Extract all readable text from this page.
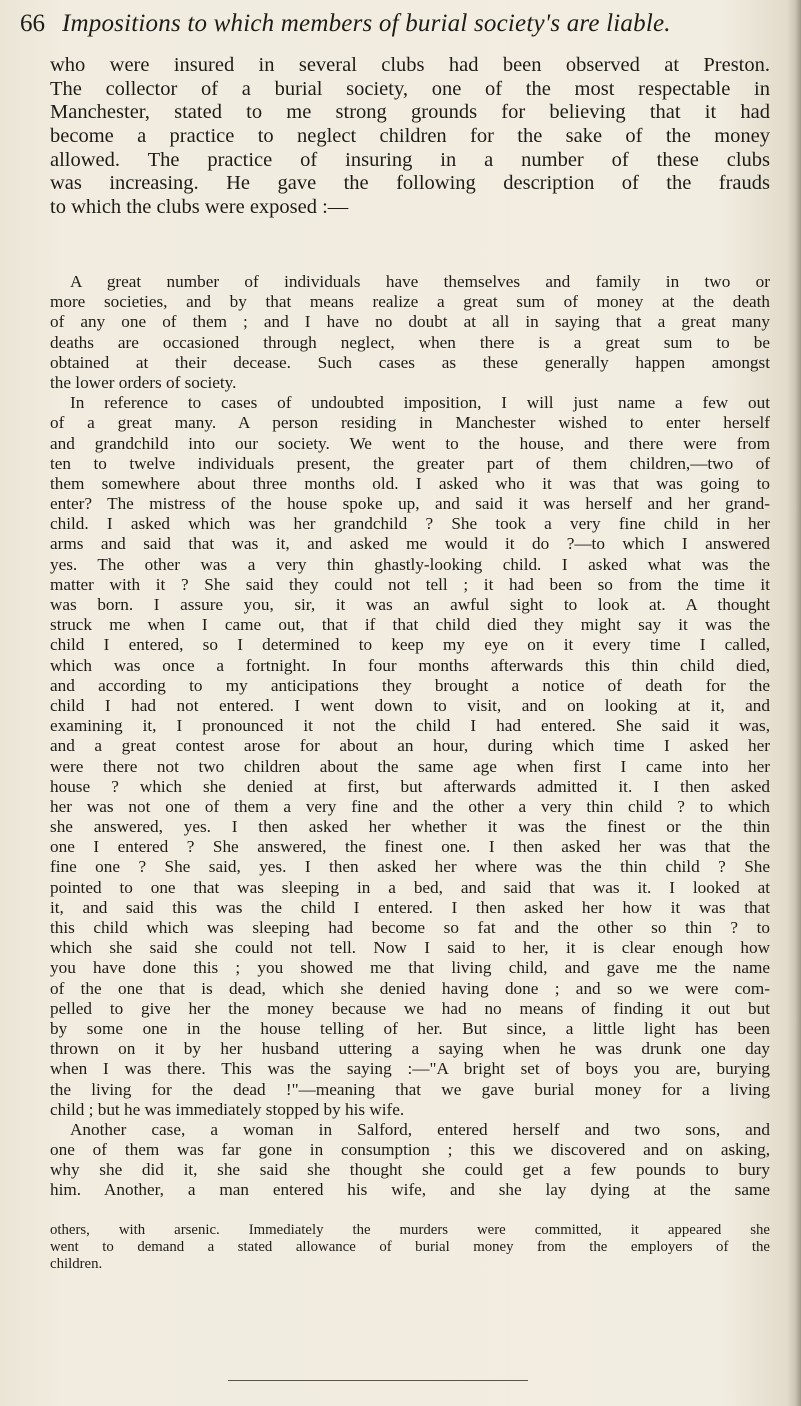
66 Impositions to which members of burial society's are liable.
who were insured in several clubs had been observed at Preston.
The collector of a burial society, one of the most respectable in
Manchester, stated to me strong grounds for believing that it had
become a practice to neglect children for the sake of the money
allowed. The practice of insuring in a number of these clubs
was increasing. He gave the following description of the frauds
to which the clubs were exposed :—
A great number of individuals have themselves and family in two or
more societies, and by that means realize a great sum of money at the death
of any one of them ; and I have no doubt at all in saying that a great many
deaths are occasioned through neglect, when there is a great sum to be
obtained at their decease. Such cases as these generally happen amongst
the lower orders of society.
In reference to cases of undoubted imposition, I will just name a few out
of a great many. A person residing in Manchester wished to enter herself
and grandchild into our society. We went to the house, and there were from
ten to twelve individuals present, the greater part of them children,—two of
them somewhere about three months old. I asked who it was that was going to
enter? The mistress of the house spoke up, and said it was herself and her grand-
child. I asked which was her grandchild ? She took a very fine child in her
arms and said that was it, and asked me would it do ?—to which I answered
yes. The other was a very thin ghastly-looking child. I asked what was the
matter with it ? She said they could not tell ; it had been so from the time it
was born. I assure you, sir, it was an awful sight to look at. A thought
struck me when I came out, that if that child died they might say it was the
child I entered, so I determined to keep my eye on it every time I called,
which was once a fortnight. In four months afterwards this thin child died,
and according to my anticipations they brought a notice of death for the
child I had not entered. I went down to visit, and on looking at it, and
examining it, I pronounced it not the child I had entered. She said it was,
and a great contest arose for about an hour, during which time I asked her
were there not two children about the same age when first I came into her
house ? which she denied at first, but afterwards admitted it. I then asked
her was not one of them a very fine and the other a very thin child ? to which
she answered, yes. I then asked her whether it was the finest or the thin
one I entered ? She answered, the finest one. I then asked her was that the
fine one ? She said, yes. I then asked her where was the thin child ? She
pointed to one that was sleeping in a bed, and said that was it. I looked at
it, and said this was the child I entered. I then asked her how it was that
this child which was sleeping had become so fat and the other so thin ? to
which she said she could not tell. Now I said to her, it is clear enough how
you have done this ; you showed me that living child, and gave me the name
of the one that is dead, which she denied having done ; and so we were com-
pelled to give her the money because we had no means of finding it out but
by some one in the house telling of her. But since, a little light has been
thrown on it by her husband uttering a saying when he was drunk one day
when I was there. This was the saying :—"A bright set of boys you are, burying
the living for the dead !"—meaning that we gave burial money for a living
child ; but he was immediately stopped by his wife.
Another case, a woman in Salford, entered herself and two sons, and
one of them was far gone in consumption ; this we discovered and on asking,
why she did it, she said she thought she could get a few pounds to bury
him. Another, a man entered his wife, and she lay dying at the same
others, with arsenic. Immediately the murders were committed, it appeared she
went to demand a stated allowance of burial money from the employers of the
children.
